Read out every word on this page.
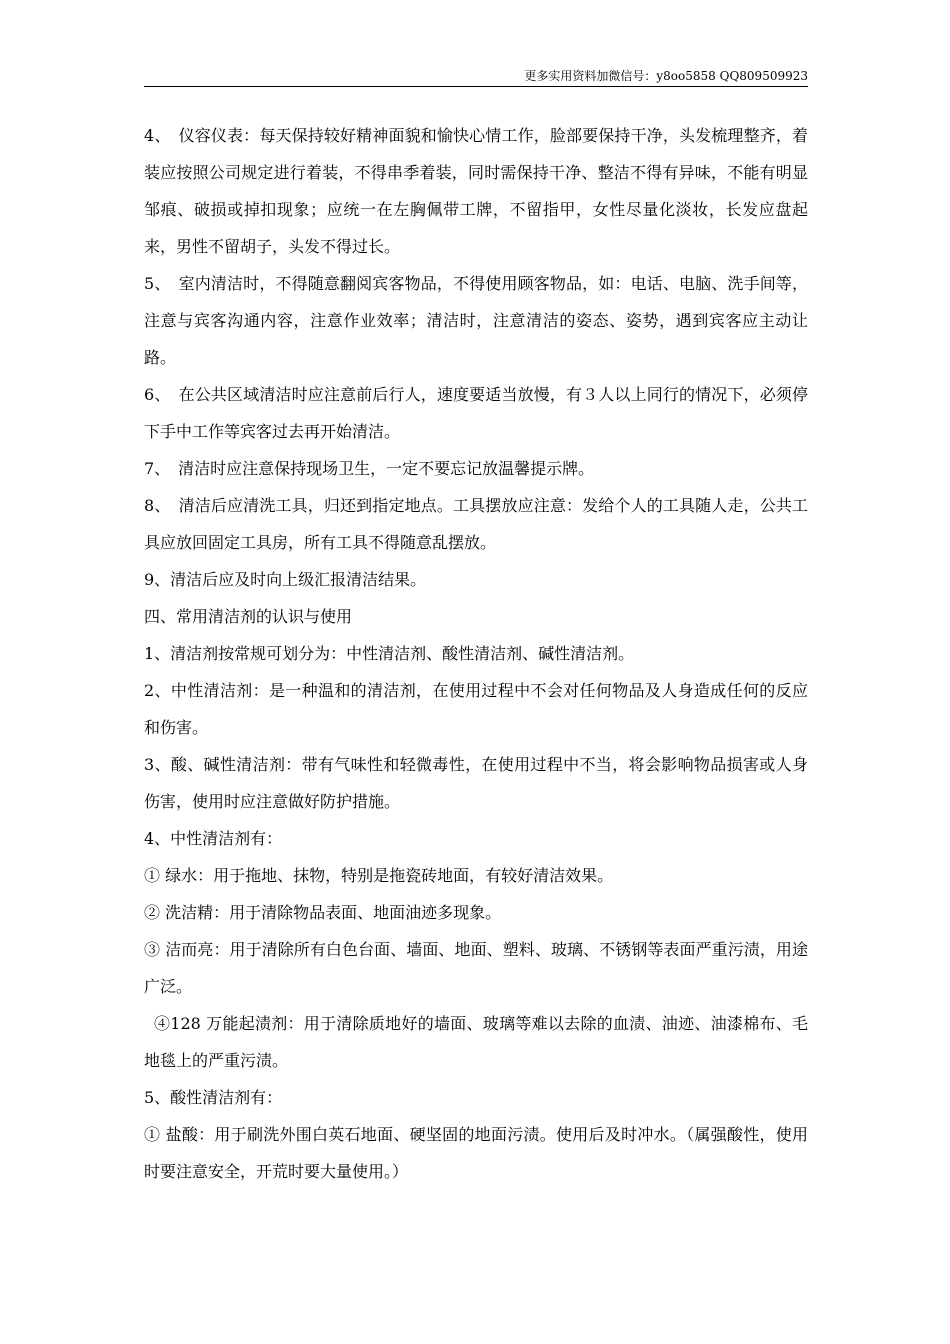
更多实用资料加微信号：y8oo5858 QQ809509923

4、　仪容仪表：每天保持较好精神面貌和愉快心情工作，脸部要保持干净，头发梳理整齐，着装应按照公司规定进行着装，不得串季着装，同时需保持干净、整洁不得有异味，不能有明显邹痕、破损或掉扣现象；应统一在左胸佩带工牌，不留指甲，女性尽量化淡妆，长发应盘起来，男性不留胡子，头发不得过长。

5、　室内清洁时，不得随意翻阅宾客物品，不得使用顾客物品，如：电话、电脑、洗手间等，注意与宾客沟通内容，注意作业效率；清洁时，注意清洁的姿态、姿势，遇到宾客应主动让路。

6、　在公共区域清洁时应注意前后行人，速度要适当放慢，有３人以上同行的情况下，必须停下手中工作等宾客过去再开始清洁。

7、　清洁时应注意保持现场卫生，一定不要忘记放温馨提示牌。

8、　清洁后应清洗工具，归还到指定地点。工具摆放应注意：发给个人的工具随人走，公共工具应放回固定工具房，所有工具不得随意乱摆放。

9、清洁后应及时向上级汇报清洁结果。

四、常用清洁剂的认识与使用

1、清洁剂按常规可划分为：中性清洁剂、酸性清洁剂、碱性清洁剂。

2、中性清洁剂：是一种温和的清洁剂，在使用过程中不会对任何物品及人身造成任何的反应和伤害。

3、酸、碱性清洁剂：带有气味性和轻微毒性，在使用过程中不当，将会影响物品损害或人身伤害，使用时应注意做好防护措施。

4、中性清洁剂有：

① 绿水：用于拖地、抹物，特别是拖瓷砖地面，有较好清洁效果。

② 洗洁精：用于清除物品表面、地面油迹多现象。

③ 洁而亮：用于清除所有白色台面、墙面、地面、塑料、玻璃、不锈钢等表面严重污渍，用途广泛。

④128 万能起渍剂：用于清除质地好的墙面、玻璃等难以去除的血渍、油迹、油漆棉布、毛地毯上的严重污渍。

5、酸性清洁剂有：

① 盐酸：用于刷洗外围白英石地面、硬坚固的地面污渍。使用后及时冲水。（属强酸性，使用时要注意安全，开荒时要大量使用。）
